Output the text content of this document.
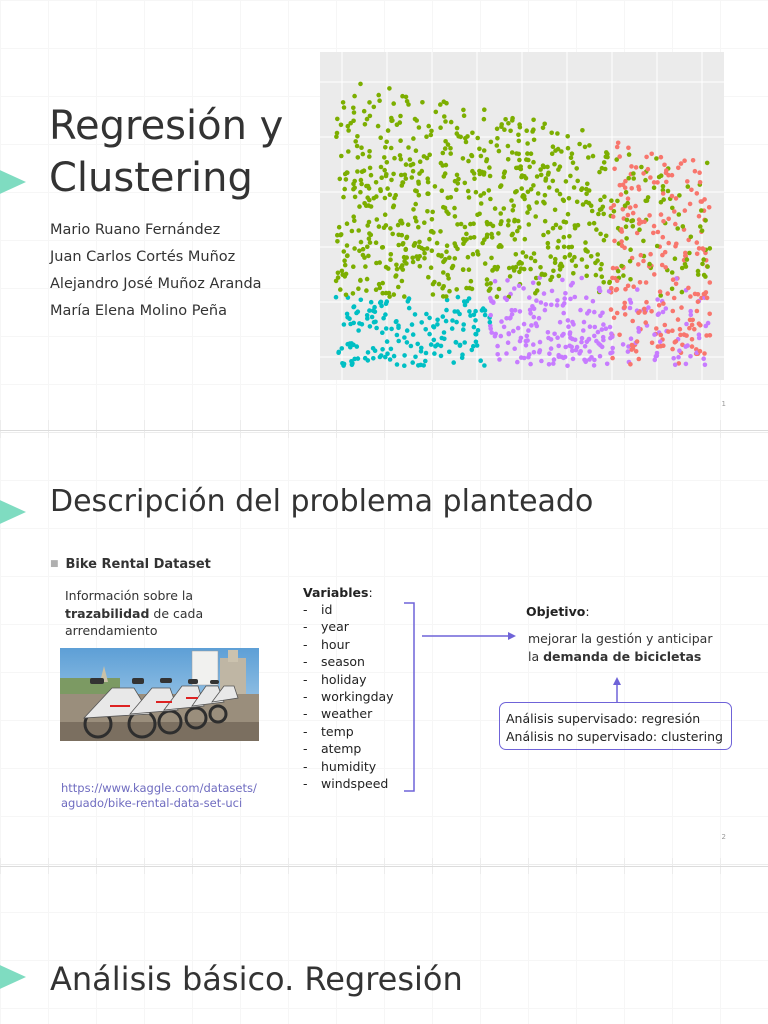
Regresión y
Clustering
Mario Ruano Fernández
Juan Carlos Cortés Muñoz
Alejandro José Muñoz Aranda
María Elena Molino Peña
1
Descripción del problema planteado
■ Bike Rental Dataset
Información sobre la trazabilidad de cada arrendamiento
https://www.kaggle.com/datasets/aguado/bike-rental-data-set-uci
Variables:
- id
- year
- hour
- season
- holiday
- workingday
- weather
- temp
- atemp
- humidity
- windspeed
Objetivo:
mejorar la gestión y anticipar la demanda de bicicletas
Análisis supervisado: regresión
Análisis no supervisado: clustering
2
Análisis básico. Regresión
